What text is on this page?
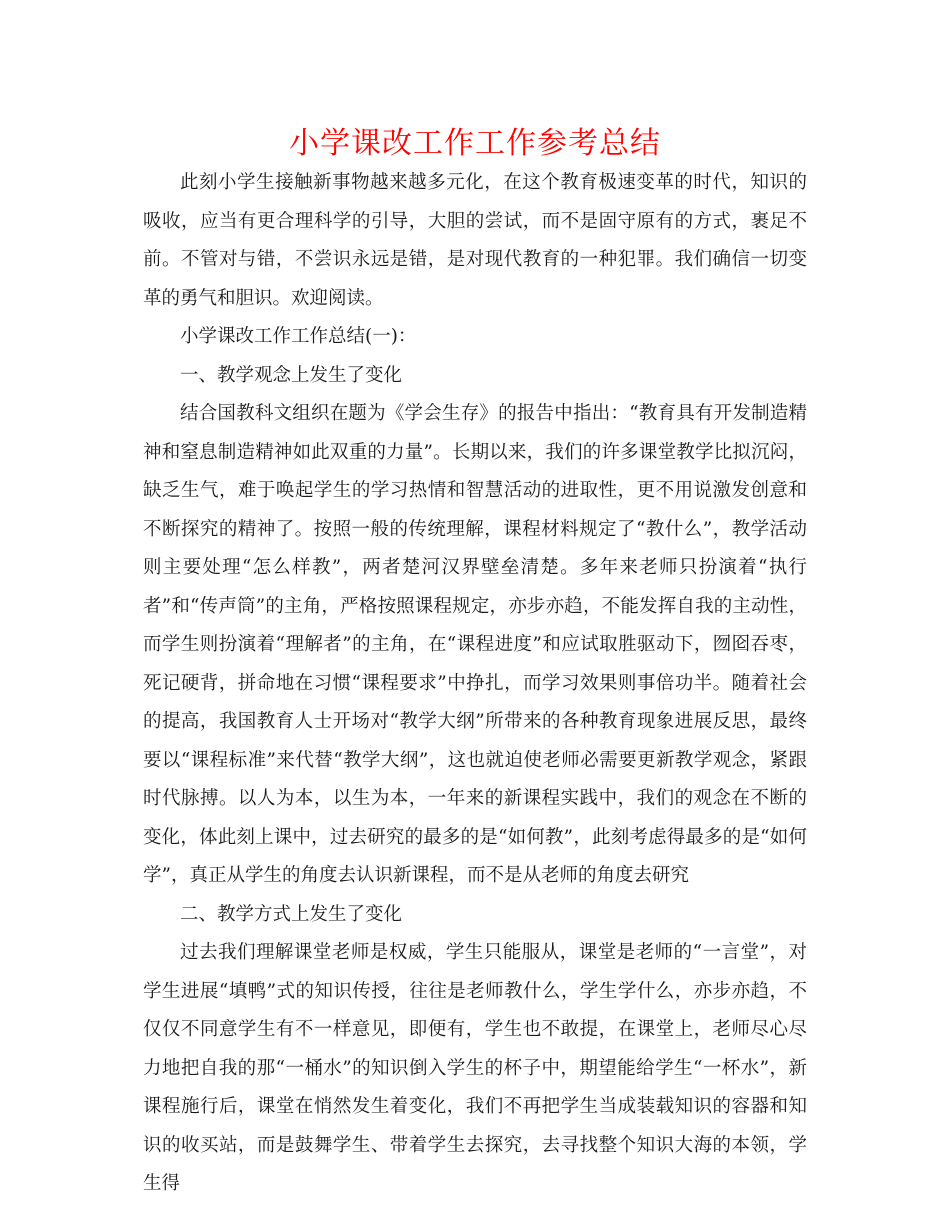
小学课改工作工作参考总结

此刻小学生接触新事物越来越多元化，在这个教育极速变革的时代，知识的吸收，应当有更合理科学的引导，大胆的尝试，而不是固守原有的方式，裹足不前。不管对与错，不尝识永远是错，是对现代教育的一种犯罪。我们确信一切变革的勇气和胆识。欢迎阅读。

小学课改工作工作总结(一)：

一、教学观念上发生了变化

结合国教科文组织在题为《学会生存》的报告中指出：“教育具有开发制造精神和窒息制造精神如此双重的力量”。长期以来，我们的许多课堂教学比拟沉闷，缺乏生气，难于唤起学生的学习热情和智慧活动的进取性，更不用说激发创意和不断探究的精神了。按照一般的传统理解，课程材料规定了“教什么”，教学活动则主要处理“怎么样教”，两者楚河汉界壁垒清楚。多年来老师只扮演着“执行者”和“传声筒”的主角，严格按照课程规定，亦步亦趋，不能发挥自我的主动性，而学生则扮演着“理解者”的主角，在“课程进度”和应试取胜驱动下，囫囵吞枣，死记硬背，拼命地在习惯“课程要求”中挣扎，而学习效果则事倍功半。随着社会的提高，我国教育人士开场对“教学大纲”所带来的各种教育现象进展反思，最终要以“课程标准”来代替“教学大纲”，这也就迫使老师必需要更新教学观念，紧跟时代脉搏。以人为本，以生为本，一年来的新课程实践中，我们的观念在不断的变化，体此刻上课中，过去研究的最多的是“如何教”，此刻考虑得最多的是“如何学”，真正从学生的角度去认识新课程，而不是从老师的角度去研究

二、教学方式上发生了变化

过去我们理解课堂老师是权威，学生只能服从，课堂是老师的“一言堂”，对学生进展“填鸭”式的知识传授，往往是老师教什么，学生学什么，亦步亦趋，不仅仅不同意学生有不一样意见，即便有，学生也不敢提，在课堂上，老师尽心尽力地把自我的那“一桶水”的知识倒入学生的杯子中，期望能给学生“一杯水”，新课程施行后，课堂在悄然发生着变化，我们不再把学生当成装载知识的容器和知识的收买站，而是鼓舞学生、带着学生去探究，去寻找整个知识大海的本领，学生得
